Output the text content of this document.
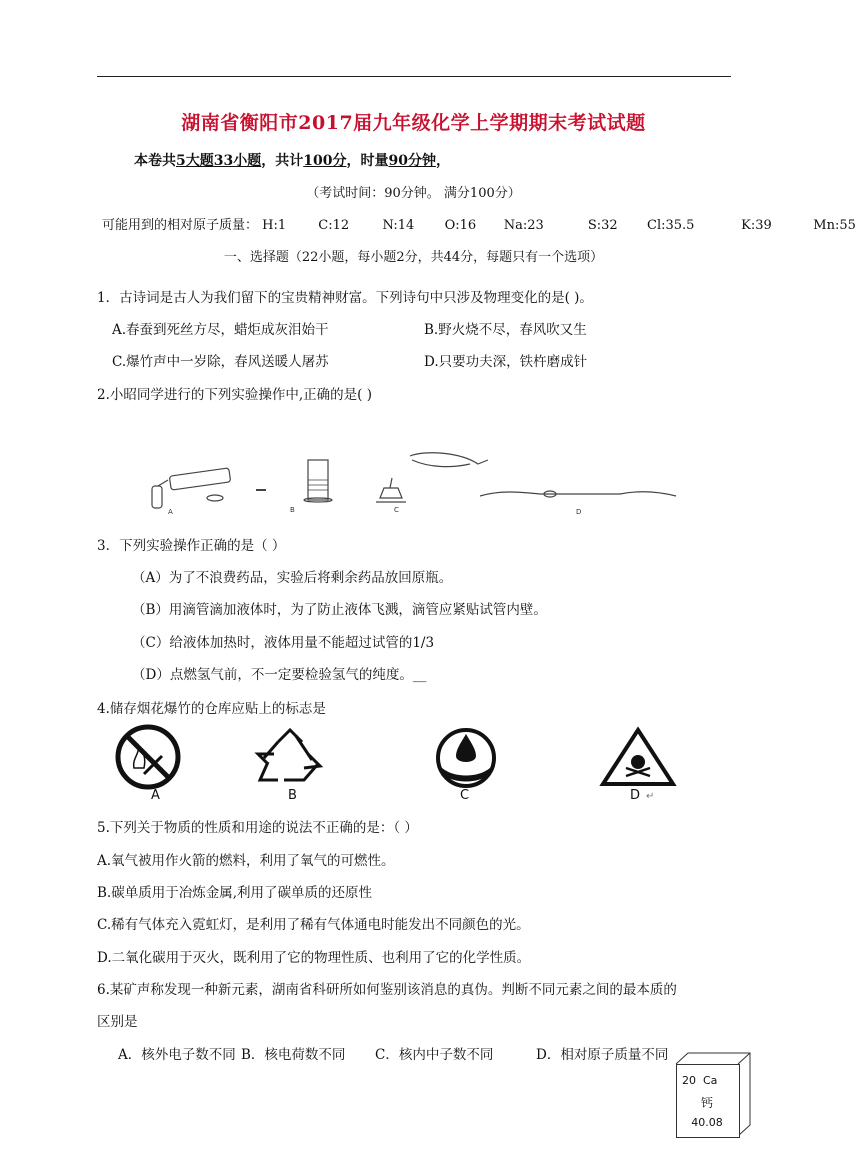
湖南省衡阳市2017届九年级化学上学期期末考试试题
本卷共5大题33小题，共计100分，时量90分钟，
（考试时间：90分钟。 满分100分）
可能用到的相对原子质量： H:1 C:12	N:14 O:16 Na:23	S:32 Cl:35.5	K:39	Mn:55
一、选择题（22小题，每小题2分，共44分，每题只有一个选项）
1．古诗词是古人为我们留下的宝贵精神财富。下列诗句中只涉及物理变化的是( )。
A.春蚕到死丝方尽，蜡炬成灰泪始干	B.野火烧不尽，春风吹又生
C.爆竹声中一岁除，春风送暖人屠苏	D.只要功夫深，铁杵磨成针
2.小昭同学进行的下列实验操作中,正确的是( )
A	B	C	D
3．下列实验操作正确的是（ ）
（A）为了不浪费药品，实验后将剩余药品放回原瓶。
（B）用滴管滴加液体时，为了防止液体飞溅，滴管应紧贴试管内壁。
（C）给液体加热时，液体用量不能超过试管的1/3
（D）点燃氢气前，不一定要检验氢气的纯度。__
4.储存烟花爆竹的仓库应贴上的标志是
A	B	C	D ↵
5.下列关于物质的性质和用途的说法不正确的是：（ ）
A.氧气被用作火箭的燃料，利用了氧气的可燃性。
B.碳单质用于冶炼金属,利用了碳单质的还原性
C.稀有气体充入霓虹灯，是利用了稀有气体通电时能发出不同颜色的光。
D.二氧化碳用于灭火，既利用了它的物理性质、也利用了它的化学性质。
6.某矿声称发现一种新元素，湖南省科研所如何鉴别该消息的真伪。判断不同元素之间的最本质的
区别是
A．核外电子数不同 B．核电荷数不同 C．核内中子数不同	D．相对原子质量不同
20 Ca
钙
40.08
